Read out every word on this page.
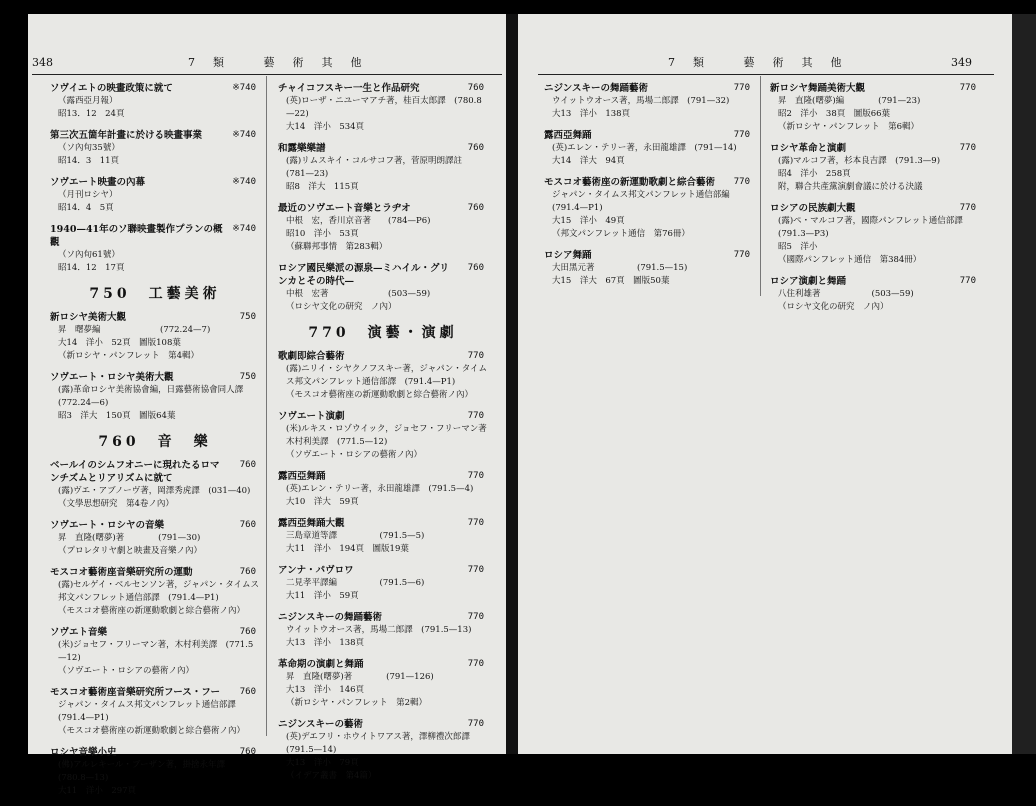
348	7類 藝術其他
ソヴイエトの映畫政策に就て	※740
（露西亞月報）
昭13．12　24頁
第三次五箇年計畫に於ける映畫事業	※740
（ソ內旬35號）
昭14．3　11頁
ソヴエート映畫の內幕	※740
（月刊ロシヤ）
昭14．4　5頁
1940—41年のソ聯映畫製作プランの概觀
※740
（ソ內旬61號）
昭14．12　17頁
750　工藝美術
新ロシヤ美術大觀	750
昇　曙夢編　　　　　　　(772.24—7)
大14　洋小　52頁　圖版108葉
（新ロシヤ・パンフレット　第4輯）
ソヴエート・ロシヤ美術大觀	750
(露)革命ロシヤ美術協會編，日露藝術協會同人譯　(772.24—6)
昭3　洋大　150頁　圖版64葉
760　音　樂
ベールイのシムフオニーに現れたるロマンチズムとリアリズムに就て
760
(露)ヴエ・アブノーヴ著，岡澤秀虎譯　(031—40)
（文學思想研究　第4卷ノ內）
ソヴエート・ロシヤの音樂	760
昇　直隆(曙夢)著　　　　(791—30)
（プロレタリヤ劇と映畫及音樂ノ內）
モスコオ藝術座音樂研究所の運動	760
(露)セルゲイ・ベルセンソン著，ジャパン・タイムス邦文パンフレット通信部譯　(791.4—P1)
（モスコオ藝術座の新運動歌劇と綜合藝術ノ內）
ソヴエト音樂	760
(米)ジョセフ・フリーマン著，木村利美譯　(771.5—12)
（ソヴエート・ロシアの藝術ノ內）
モスコオ藝術座音樂研究所フース・フー	760
ジャパン・タイムス邦文パンフレット通信部譯　(791.4—P1)
（モスコオ藝術座の新運動歌劇と綜合藝術ノ內）
ロシヤ音樂小史	760
(佛)アルレキール・ブーザン著，掛捨永年譯　(780.8—13)
大11　洋小　297頁
チャイコフスキー一生と作品研究	760
(英)ローザ・ニユーマアチ著，桂百太郎譯　(780.8—22)
大14　洋小　534頁
和露樂樂譜	760
(露)リムスキイ・コルサコフ著，菅原明朗譯註　(781—23)
昭8　洋大　115頁
最近のソヴエート音樂とラヂオ	760
中根　宏，香川京音著　　(784—P6)
昭10　洋小　53頁
（蘇聯邦事情　第283輯）
ロシア國民樂派の源泉—ミハイル・グリンカとその時代—
760
中根　宏著　　　　　　　(503—59)
（ロシヤ文化の研究　ノ內）
770　演藝・演劇
歌劇即綜合藝術	770
(露)ニリイ・シヤクノフスキー著，ジャパン・タイムス邦文パンフレット通信部譯　(791.4—P1)
（モスコオ藝術座の新運動歌劇と綜合藝術ノ內）
ソヴエート演劇	770
(米)ルキス・ロゾウイック，ジョセフ・フリーマン著　木村利美譯　(771.5—12)
（ソヴエート・ロシアの藝術ノ內）
露西亞舞踊	770
(英)エレン・テリー著，永田龍雄譯　(791.5—4)
大10　洋大　59頁
露西亞舞踊大觀	770
三島章道等譯　　　　　(791.5—5)
大11　洋小　194頁　圖版19葉
アンナ・パヴロワ	770
二見孝平譯編　　　　　(791.5—6)
大11　洋小　59頁
ニジンスキーの舞踊藝術	770
ウイットウオース著，馬場二郎譯　(791.5—13)
大13　洋小　138頁
革命期の演劇と舞踊	770
昇　直隆(曙夢)著　　　　(791—126)
大13　洋小　146頁
（新ロシヤ・パンフレット　第2輯）
ニジンスキーの藝術	770
(英)デエフリ・ホウイトワアス著，澤柳禮次郎譯　(791.5—14)
大13　洋小　79頁
（イデア叢書　第4篇）
7類 藝術其他	349
ニジンスキーの舞踊藝術	770
ウイットウオース著，馬場二郎譯　(791—32)
大13　洋小　138頁
露西亞舞踊	770
(英)エレン・テリー著，永田龍雄譯　(791—14)
大14　洋大　94頁
モスコオ藝術座の新運動歌劇と綜合藝術	770
ジャパン・タイムス邦文パンフレット通信部編　(791.4—P1)
大15　洋小　49頁
（邦文パンフレット通信　第76冊）
ロシア舞踊	770
大田黑元著　　　　　(791.5—15)
大15　洋大　67頁　圖版50葉
新ロシヤ舞踊美術大觀	770
昇　直隆(曙夢)編　　　　(791—23)
昭2　洋小　38頁　圖版66葉
（新ロシヤ・パンフレット　第6輯）
ロシヤ革命と演劇	770
(露)マルコフ著，杉本良吉譯　(791.3—9)
昭4　洋小　258頁
附，聯合共產黨演劇會議に於ける決議
ロシアの民族劇大觀	770
(露)ペ・マルコフ著，國際パンフレット通信部譯　(791.3—P3)
昭5　洋小
（國際パンフレット通信　第384冊）
ロシア演劇と舞踊	770
八住利雄著　　　　　　(503—59)
（ロシヤ文化の研究　ノ內）
